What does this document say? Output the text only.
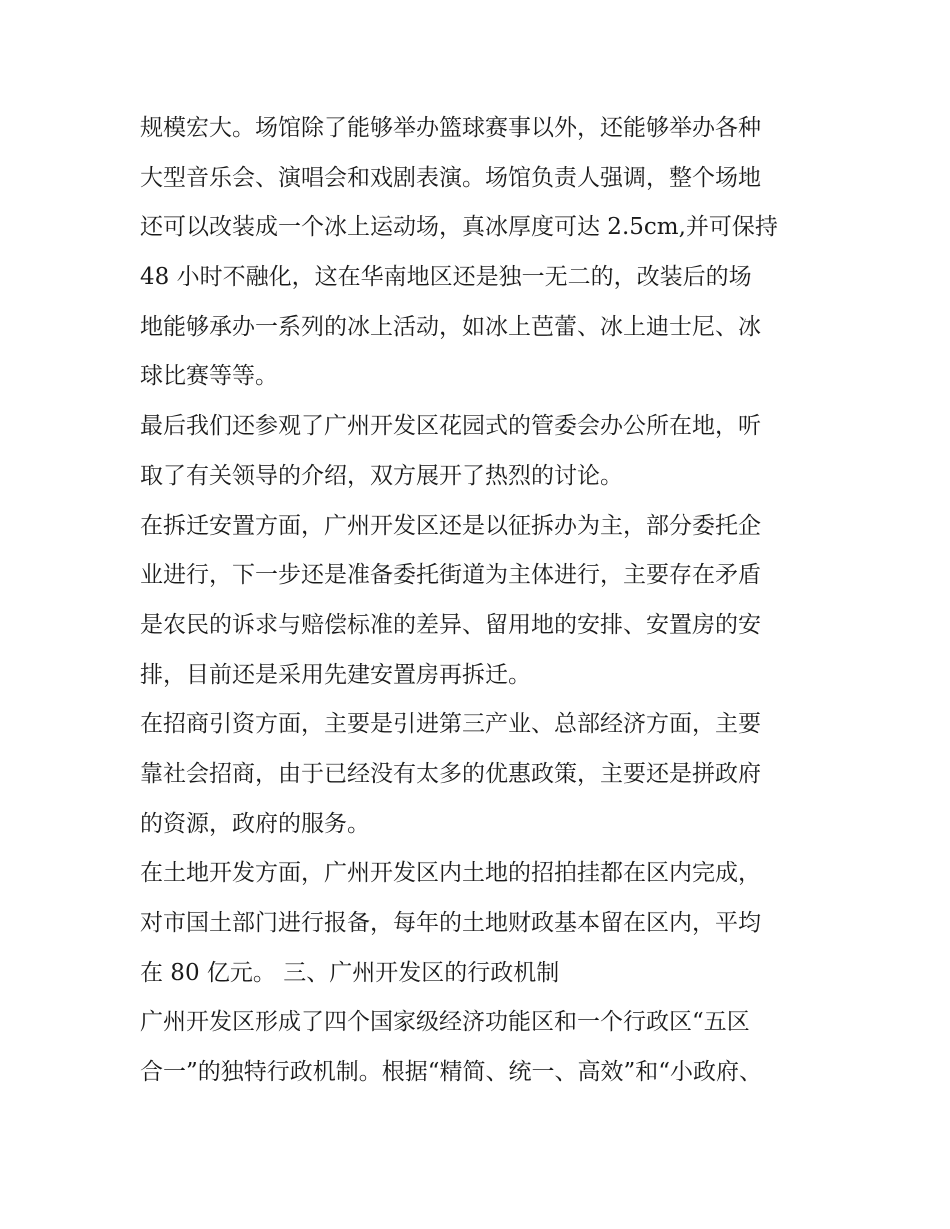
规模宏大。场馆除了能够举办篮球赛事以外，还能够举办各种
大型音乐会、演唱会和戏剧表演。场馆负责人强调，整个场地
还可以改装成一个冰上运动场，真冰厚度可达 2.5cm,并可保持
48 小时不融化，这在华南地区还是独一无二的，改装后的场
地能够承办一系列的冰上活动，如冰上芭蕾、冰上迪士尼、冰
球比赛等等。
最后我们还参观了广州开发区花园式的管委会办公所在地，听
取了有关领导的介绍，双方展开了热烈的讨论。
在拆迁安置方面，广州开发区还是以征拆办为主，部分委托企
业进行，下一步还是准备委托街道为主体进行，主要存在矛盾
是农民的诉求与赔偿标准的差异、留用地的安排、安置房的安
排，目前还是采用先建安置房再拆迁。
在招商引资方面，主要是引进第三产业、总部经济方面，主要
靠社会招商，由于已经没有太多的优惠政策，主要还是拼政府
的资源，政府的服务。
在土地开发方面，广州开发区内土地的招拍挂都在区内完成，
对市国土部门进行报备，每年的土地财政基本留在区内，平均
在 80 亿元。 三、广州开发区的行政机制
广州开发区形成了四个国家级经济功能区和一个行政区“五区
合一”的独特行政机制。根据“精简、统一、高效”和“小政府、
